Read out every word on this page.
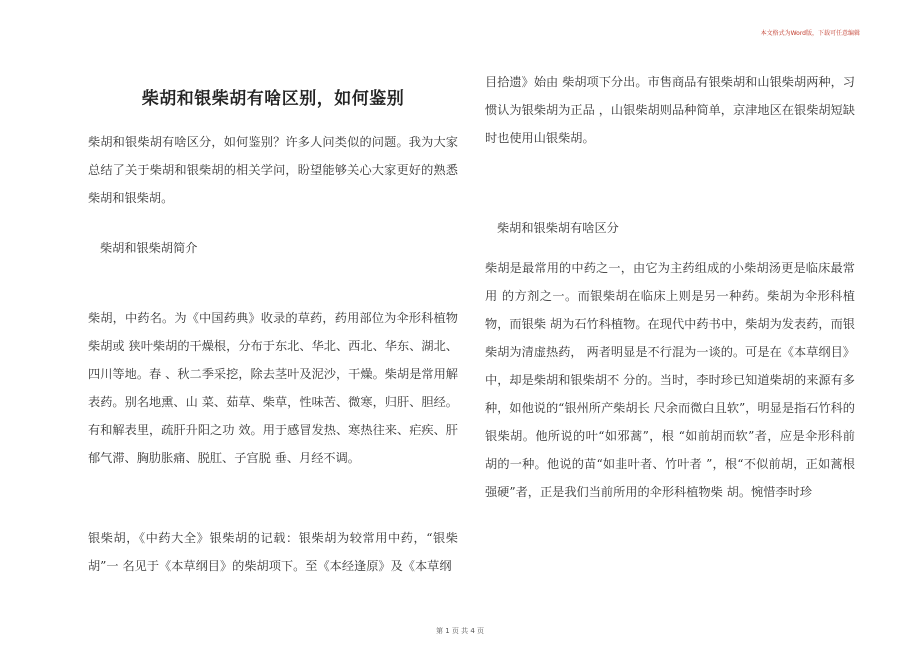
本文格式为Word版，下载可任意编辑
柴胡和银柴胡有啥区别，如何鉴别
柴胡和银柴胡有啥区分，如何鉴别？许多人问类似的问题。我为大家总结了关于柴胡和银柴胡的相关学问，盼望能够关心大家更好的熟悉柴胡和银柴胡。
柴胡和银柴胡简介
柴胡，中药名。为《中国药典》收录的草药，药用部位为伞形科植物柴胡或 狭叶柴胡的干燥根，分布于东北、华北、西北、华东、湖北、四川等地。春 、秋二季采挖，除去茎叶及泥沙，干燥。柴胡是常用解表药。别名地熏、山 菜、茹草、柴草，性味苦、微寒，归肝、胆经。有和解表里，疏肝升阳之功 效。用于感冒发热、寒热往来、疟疾、肝郁气滞、胸肋胀痛、脱肛、子宫脱 垂、月经不调。
银柴胡，《中药大全》银柴胡的记载：银柴胡为较常用中药，“银柴胡”一 名见于《本草纲目》的柴胡项下。至《本经逢原》及《本草纲
目拾遗》始由 柴胡项下分出。市售商品有银柴胡和山银柴胡两种，习惯认为银柴胡为正品 ，山银柴胡则品种简单，京津地区在银柴胡短缺时也使用山银柴胡。
柴胡和银柴胡有啥区分
柴胡是最常用的中药之一，由它为主药组成的小柴胡汤更是临床最常用 的方剂之一。而银柴胡在临床上则是另一种药。柴胡为伞形科植物，而银柴 胡为石竹科植物。在现代中药书中，柴胡为发表药，而银柴胡为清虚热药， 两者明显是不行混为一谈的。可是在《本草纲目》中，却是柴胡和银柴胡不 分的。当时，李时珍已知道柴胡的来源有多种，如他说的“银州所产柴胡长 尺余而微白且软”，明显是指石竹科的银柴胡。他所说的叶“如邪蒿”，根 “如前胡而软”者，应是伞形科前胡的一种。他说的苗“如韭叶者、竹叶者 ”，根“不似前胡，正如蒿根强硬”者，正是我们当前所用的伞形科植物柴 胡。惋惜李时珍
第 1 页 共 4 页
